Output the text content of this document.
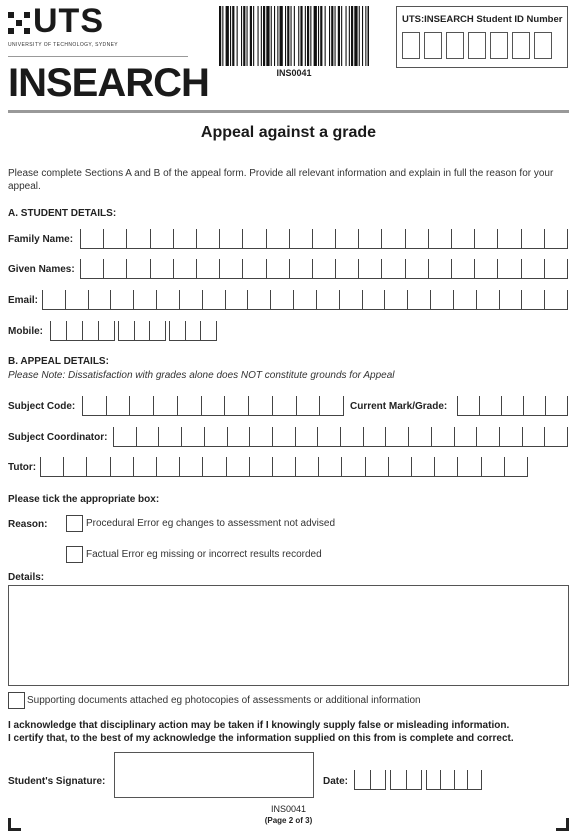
UTS
UNIVERSITY OF TECHNOLOGY, SYDNEY
INSEARCH	INS0041
UTS:INSEARCH Student ID Number
Appeal against a grade
Please complete Sections A and B of the appeal form. Provide all relevant information and explain in full the reason for your appeal.
A. STUDENT DETAILS:
Family Name:
Given Names:
Email:
Mobile:
B. APPEAL DETAILS:
Please Note: Dissatisfaction with grades alone does NOT constitute grounds for Appeal
Subject Code:	Current Mark/Grade:
Subject Coordinator:
Tutor:
Please tick the appropriate box:
Reason:	Procedural Error eg changes to assessment not advised
Factual Error eg missing or incorrect results recorded
Details:
Supporting documents attached eg photocopies of assessments or additional information
I acknowledge that disciplinary action may be taken if I knowingly supply false or misleading information.
I certify that, to the best of my acknowledge the information supplied on this from is complete and correct.
Student's Signature:	Date:
INS0041
(Page 2 of 3)
